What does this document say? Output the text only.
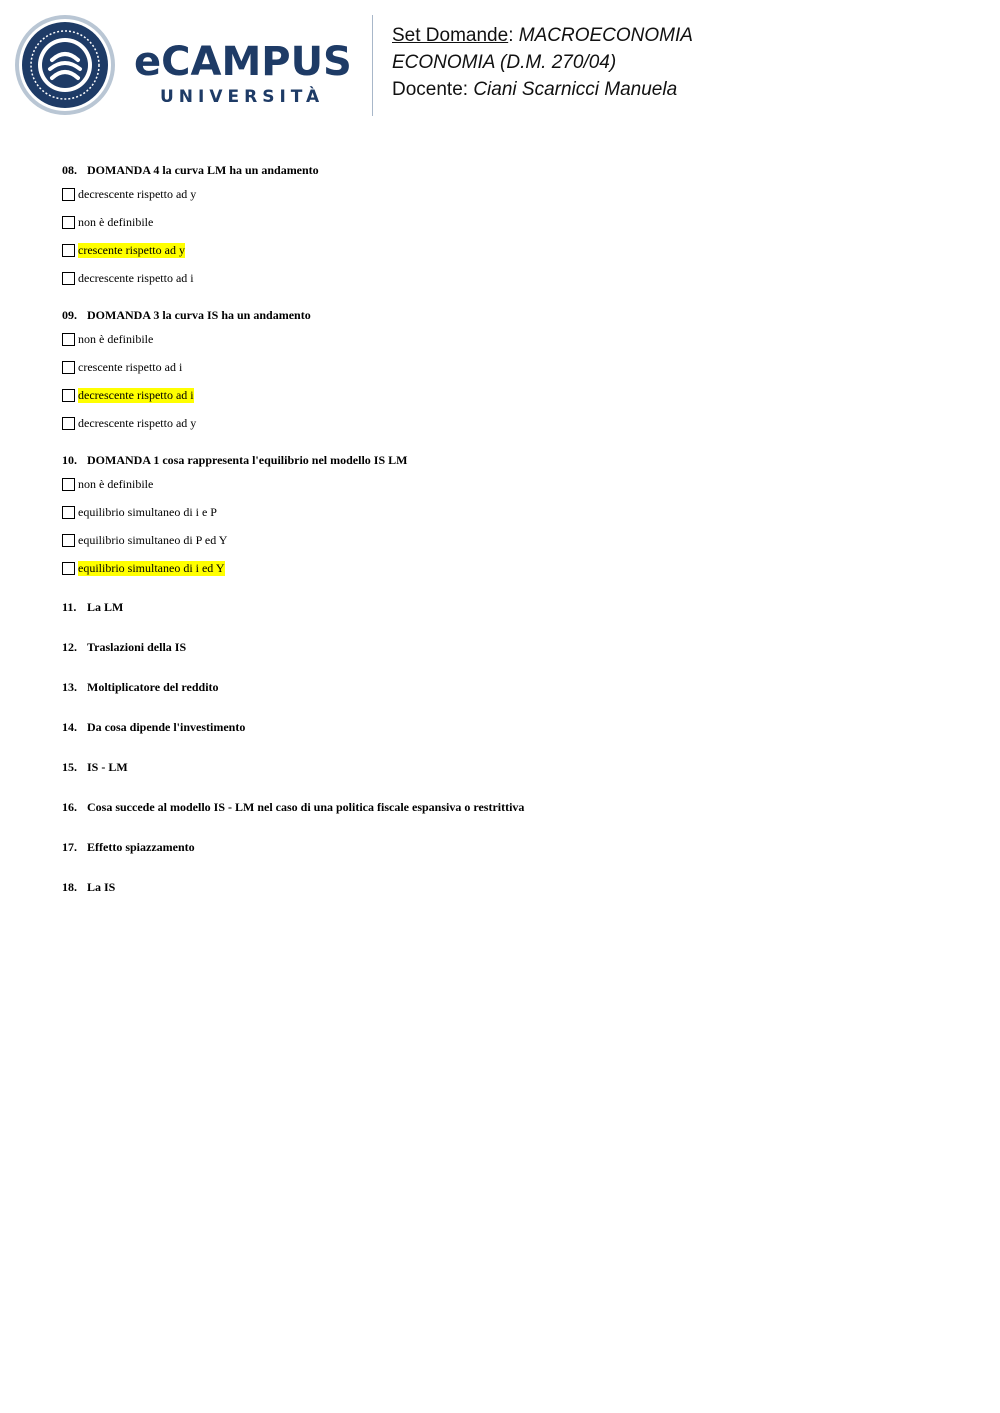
eCAMPUS
UNIVERSITÀ
Set Domande: MACROECONOMIA
ECONOMIA (D.M. 270/04)
Docente: Ciani Scarnicci Manuela
08. DOMANDA 4 la curva LM ha un andamento
decrescente rispetto ad y
non è definibile
crescente rispetto ad y
decrescente rispetto ad i
09. DOMANDA 3 la curva IS ha un andamento
non è definibile
crescente rispetto ad i
decrescente rispetto ad i
decrescente rispetto ad y
10. DOMANDA 1 cosa rappresenta l'equilibrio nel modello IS LM
non è definibile
equilibrio simultaneo di i e P
equilibrio simultaneo di P ed Y
equilibrio simultaneo di i ed Y
11. La LM
12. Traslazioni della IS
13. Moltiplicatore del reddito
14. Da cosa dipende l'investimento
15. IS - LM
16. Cosa succede al modello IS - LM nel caso di una politica fiscale espansiva o restrittiva
17. Effetto spiazzamento
18. La IS
